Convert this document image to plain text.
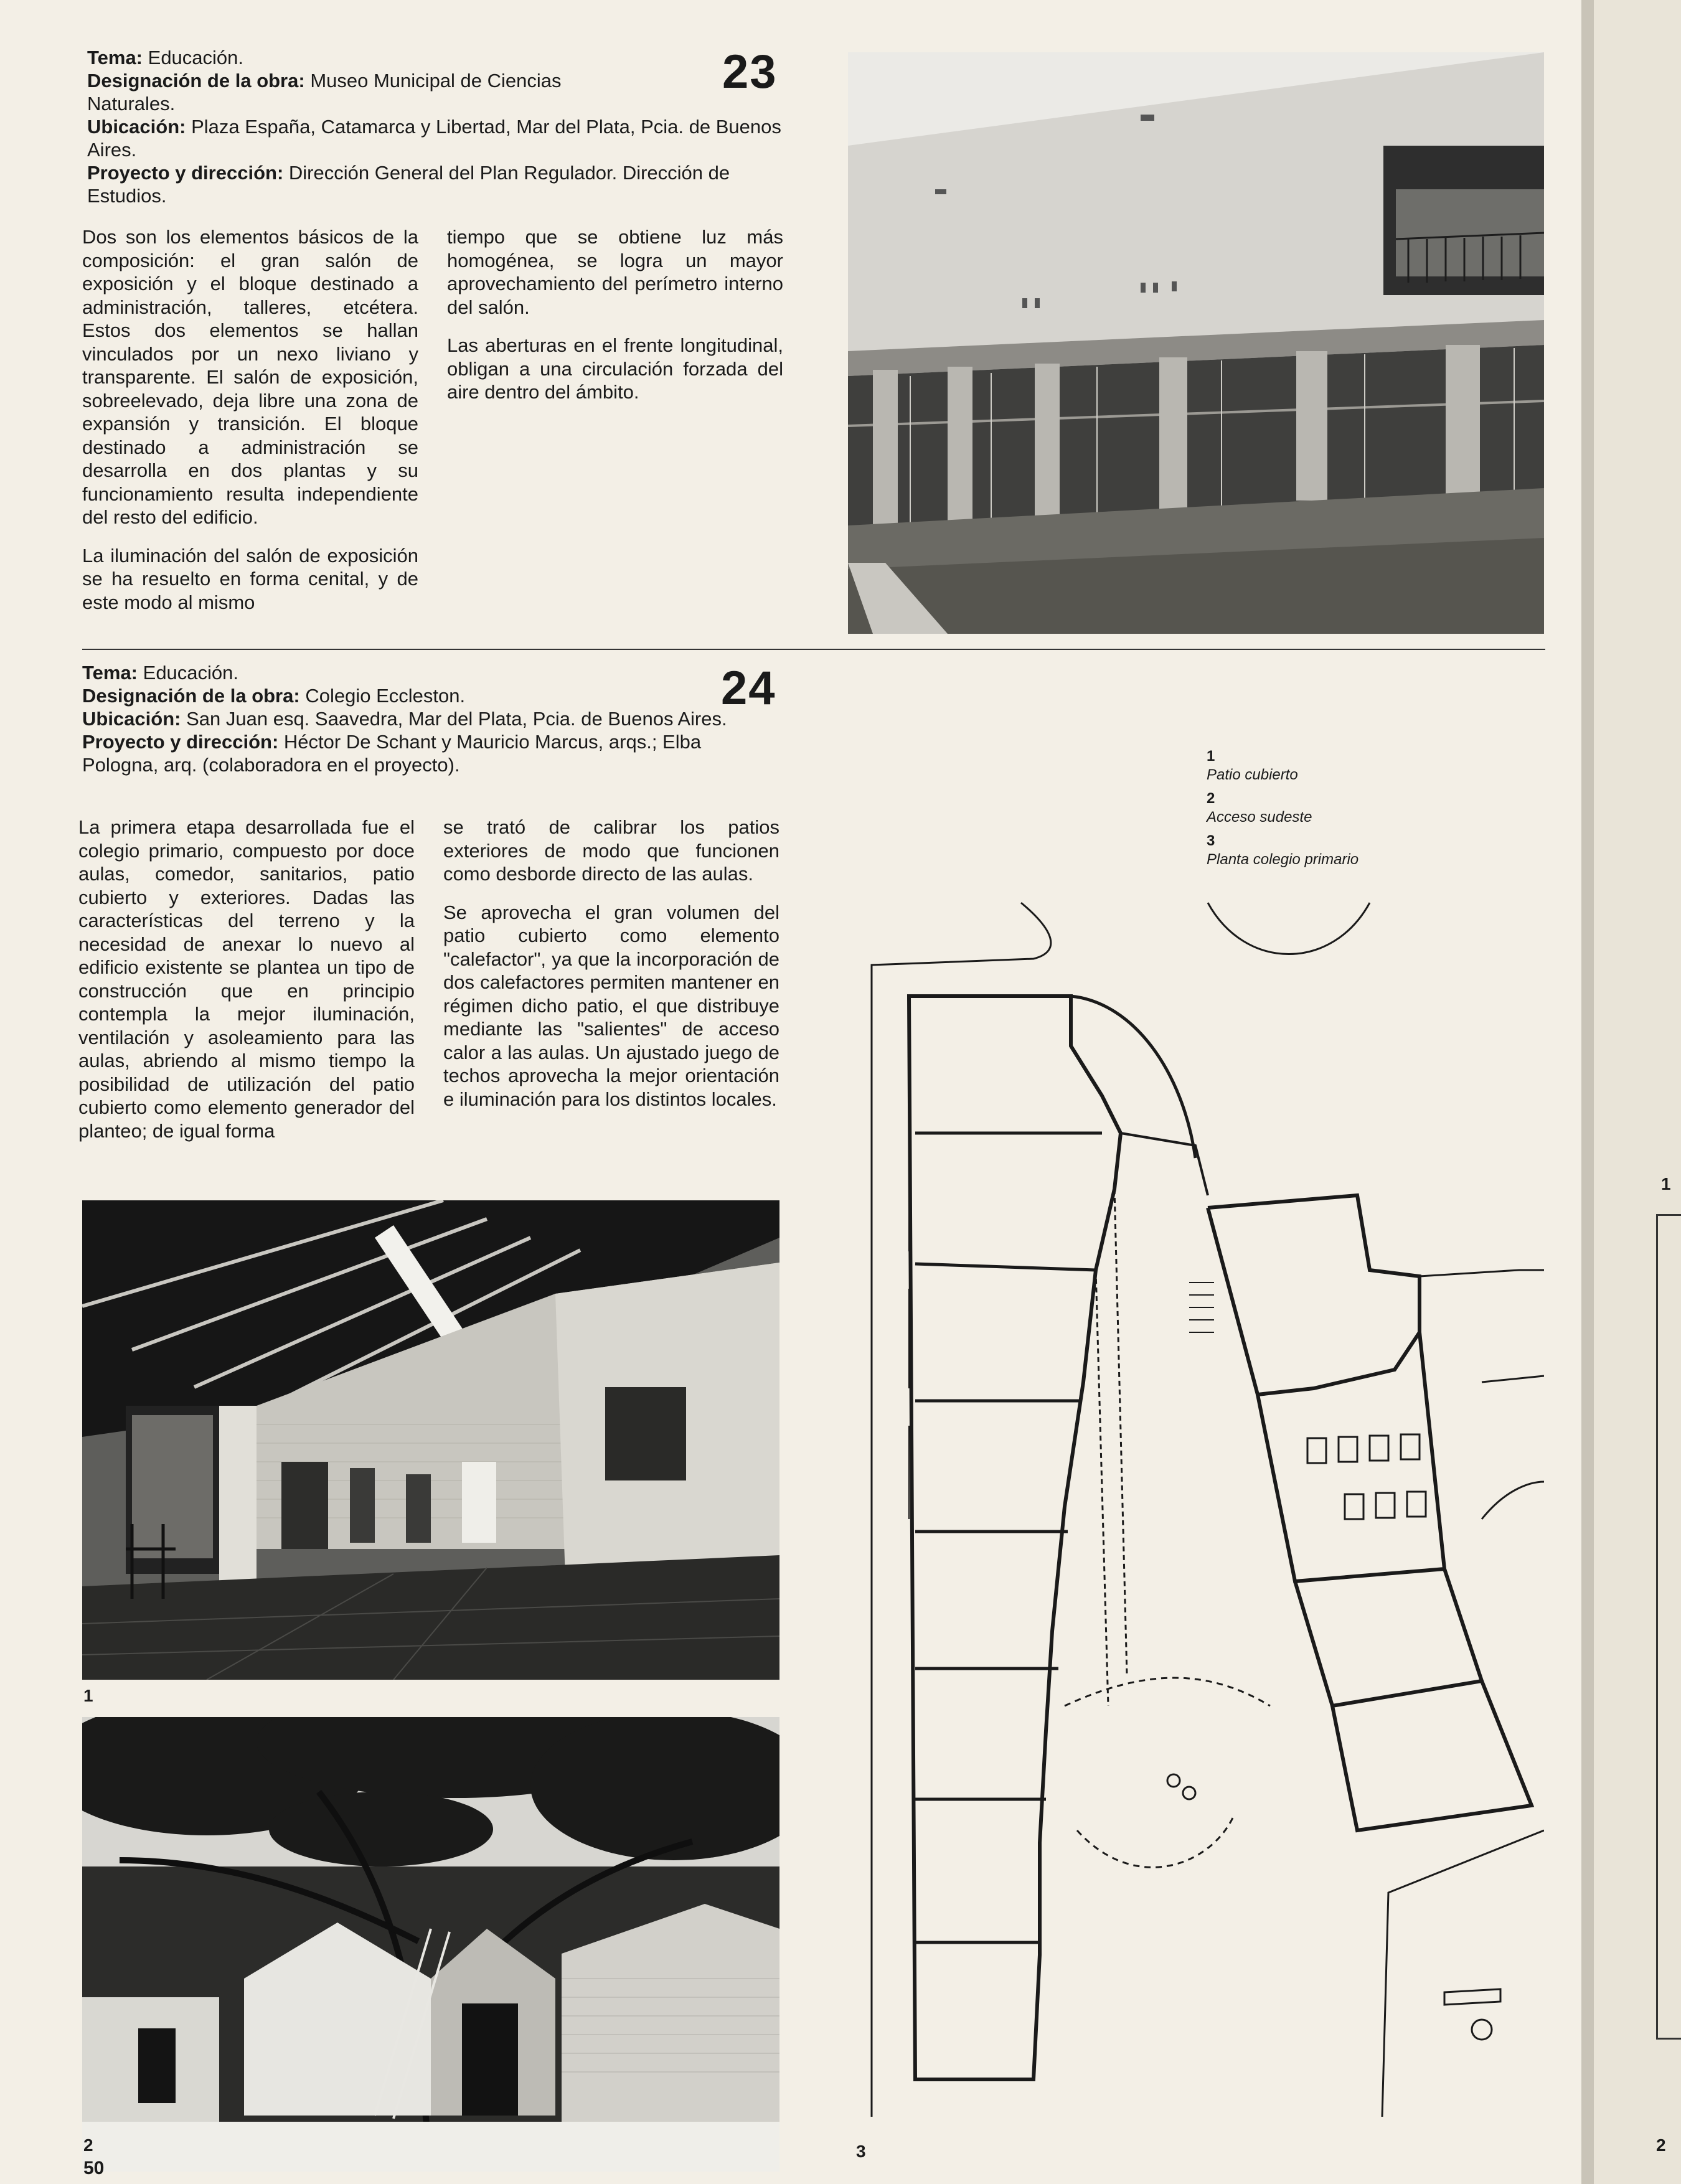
Tema: Educación.
Designación de la obra: Museo Municipal de Ciencias Naturales.
Ubicación: Plaza España, Catamarca y Libertad, Mar del Plata, Pcia. de Buenos Aires.
Proyecto y dirección: Dirección General del Plan Regulador. Dirección de Estudios.
23

Dos son los elementos básicos de la composición: el gran salón de exposición y el bloque destinado a administración, talleres, etcétera. Estos dos elementos se hallan vinculados por un nexo liviano y transparente. El salón de exposición, sobreelevado, deja libre una zona de expansión y transición. El bloque destinado a administración se desarrolla en dos plantas y su funcionamiento resulta independiente del resto del edificio.

La iluminación del salón de exposición se ha resuelto en forma cenital, y de este modo al mismo

tiempo que se obtiene luz más homogénea, se logra un mayor aprovechamiento del perímetro interno del salón.

Las aberturas en el frente longitudinal, obligan a una circulación forzada del aire dentro del ámbito.

Tema: Educación.
Designación de la obra: Colegio Eccleston.
Ubicación: San Juan esq. Saavedra, Mar del Plata, Pcia. de Buenos Aires.
Proyecto y dirección: Héctor De Schant y Mauricio Marcus, arqs.; Elba Pologna, arq. (colaboradora en el proyecto).
24

La primera etapa desarrollada fue el colegio primario, compuesto por doce aulas, comedor, sanitarios, patio cubierto y exteriores. Dadas las características del terreno y la necesidad de anexar lo nuevo al edificio existente se plantea un tipo de construcción que en principio contempla la mejor iluminación, ventilación y asoleamiento para las aulas, abriendo al mismo tiempo la posibilidad de utilización del patio cubierto como elemento generador del planteo; de igual forma

se trató de calibrar los patios exteriores de modo que funcionen como desborde directo de las aulas.

Se aprovecha el gran volumen del patio cubierto como elemento "calefactor", ya que la incorporación de dos calefactores permiten mantener en régimen dicho patio, el que distribuye mediante las "salientes" de acceso calor a las aulas. Un ajustado juego de techos aprovecha la mejor orientación e iluminación para los distintos locales.

1
2
50
1
Patio cubierto
2
Acceso sudeste
3
Planta colegio primario
3
1
2
